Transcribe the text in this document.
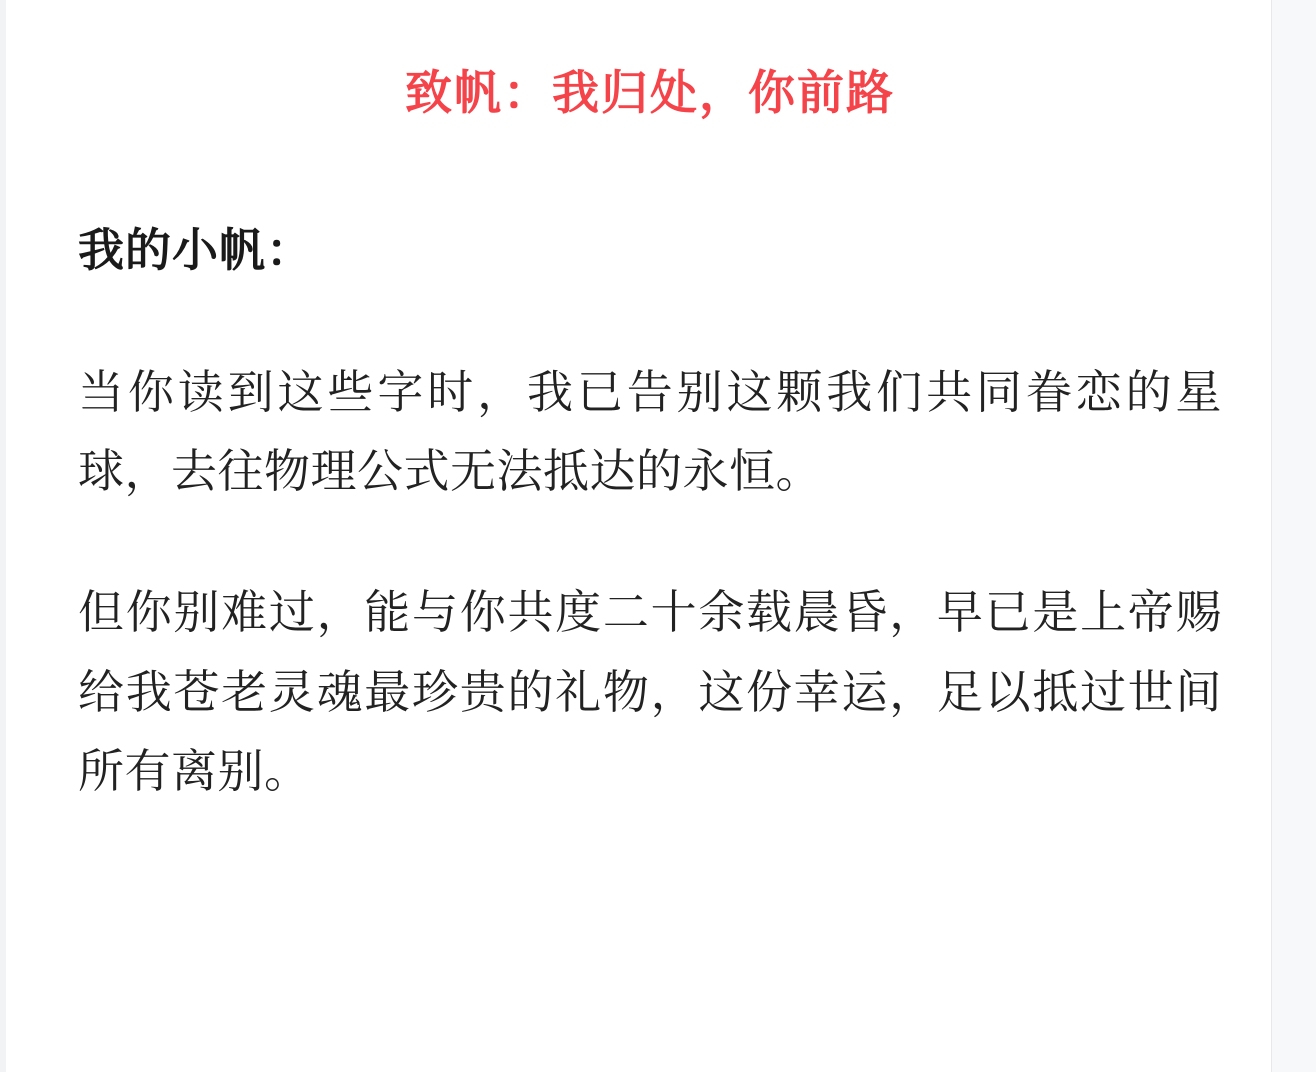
致帆：我归处，你前路

我的小帆：

当你读到这些字时，我已告别这颗我们共同眷恋的星球，去往物理公式无法抵达的永恒。

但你别难过，能与你共度二十余载晨昏，早已是上帝赐给我苍老灵魂最珍贵的礼物，这份幸运，足以抵过世间所有离别。
